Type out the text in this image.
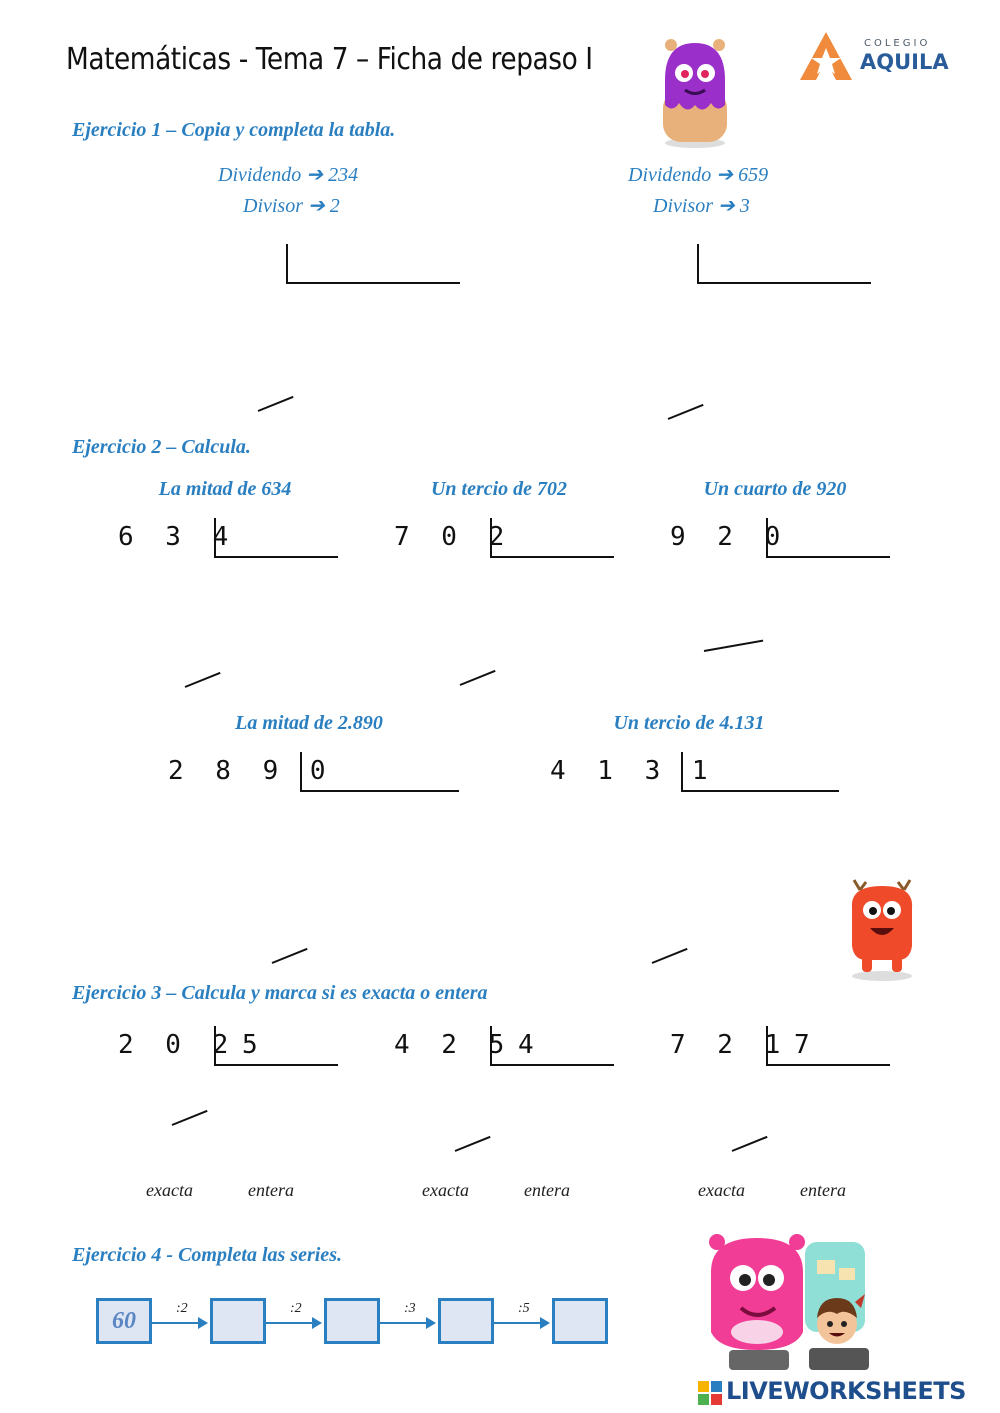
Matemáticas - Tema 7 – Ficha de repaso I	COLEGIO
AQUILA
Ejercicio 1 – Copia y completa la tabla.
Dividendo ➔ 234
Divisor ➔ 2
Dividendo ➔ 659
Divisor ➔ 3
Ejercicio 2 – Calcula.
La mitad de 634
6 3 4
Un tercio de 702
7 0 2
Un cuarto de 920
9 2 0
La mitad de 2.890
2 8 9 0
Un tercio de 4.131
4 1 3 1
Ejercicio 3 – Calcula y marca si es exacta o entera
2 0 2 5
exacta	entera
4 2 5 4
exacta	entera
7 2 1 7
exacta	entera
Ejercicio 4 - Completa las series.
60	:2	:2	:3	:5
LIVEWORKSHEETS
